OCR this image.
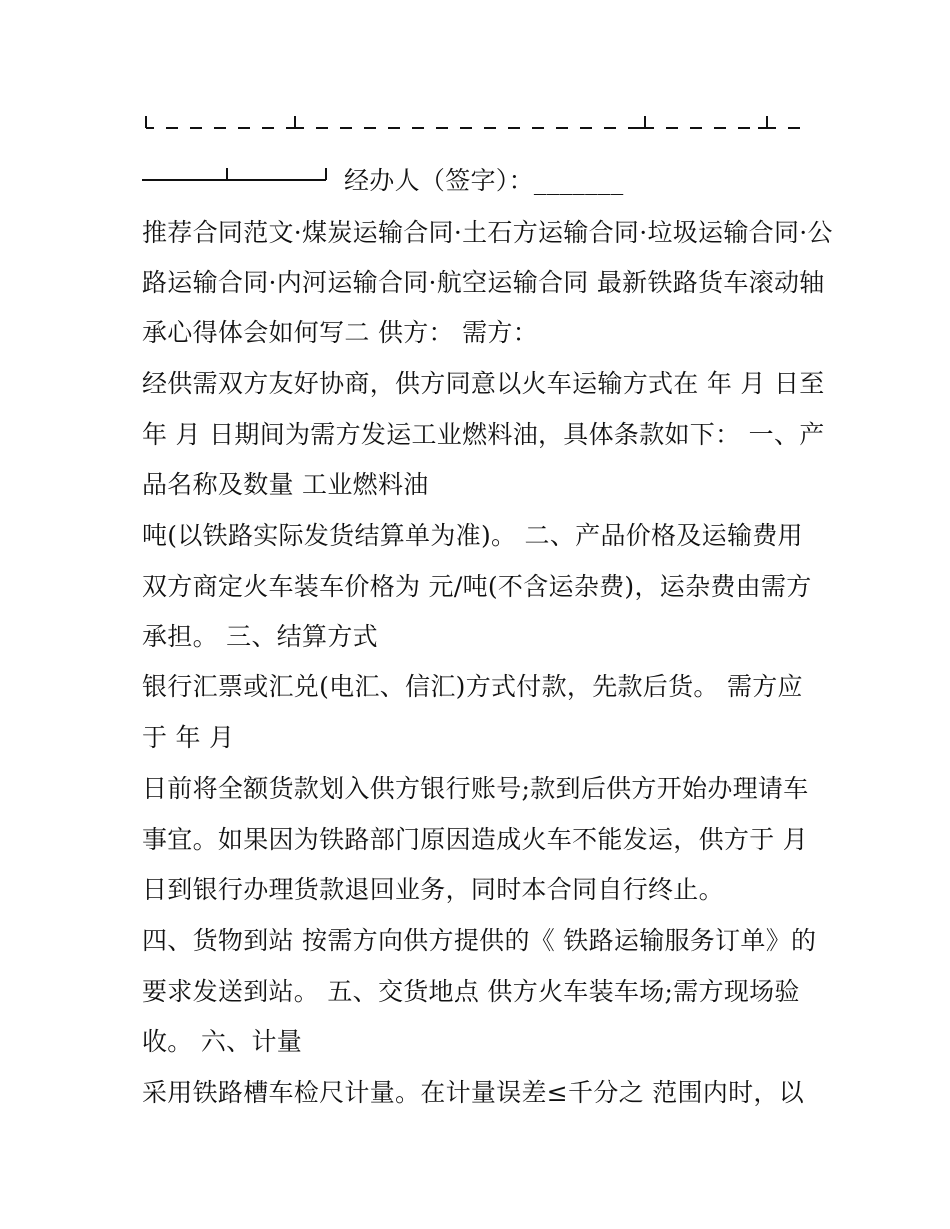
经办人（签字）：_______
推荐合同范文·煤炭运输合同·土石方运输合同·垃圾运输合同·公
路运输合同·内河运输合同·航空运输合同 最新铁路货车滚动轴
承心得体会如何写二 供方： 需方：
经供需双方友好协商，供方同意以火车运输方式在 年 月 日至
年 月 日期间为需方发运工业燃料油，具体条款如下： 一、产
品名称及数量 工业燃料油
吨(以铁路实际发货结算单为准)。 二、产品价格及运输费用
双方商定火车装车价格为 元/吨(不含运杂费)，运杂费由需方
承担。 三、结算方式
银行汇票或汇兑(电汇、信汇)方式付款，先款后货。 需方应
于 年 月
日前将全额货款划入供方银行账号;款到后供方开始办理请车
事宜。如果因为铁路部门原因造成火车不能发运，供方于 月
日到银行办理货款退回业务，同时本合同自行终止。
四、货物到站 按需方向供方提供的《 铁路运输服务订单》的
要求发送到站。 五、交货地点 供方火车装车场;需方现场验
收。 六、计量
采用铁路槽车检尺计量。在计量误差≤千分之 范围内时，以
